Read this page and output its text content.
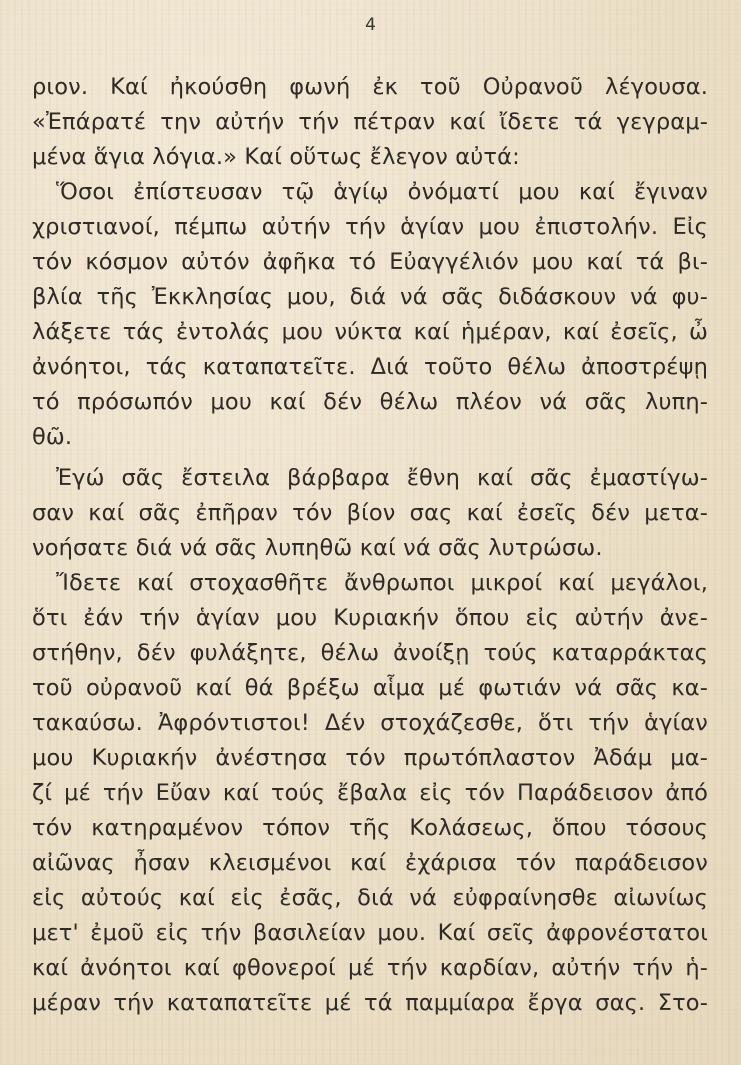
4
ριον. Καί ἠκούσθη φωνή ἐκ τοῦ Οὐρανοῦ λέγουσα.
«Ἐπάρατέ την αὐτήν τήν πέτραν καί ἴδετε τά γεγραμ-
μένα ἅγια λόγια.» Καί οὕτως ἔλεγον αὐτά:
Ὅσοι ἐπίστευσαν τῷ ἁγίῳ ὀνόματί μου καί ἔγιναν
χριστιανοί, πέμπω αὐτήν τήν ἁγίαν μου ἐπιστολήν. Εἰς
τόν κόσμον αὐτόν ἀφῆκα τό Εὐαγγέλιόν μου καί τά βι-
βλία τῆς Ἐκκλησίας μου, διά νά σᾶς διδάσκουν νά φυ-
λάξετε τάς ἐντολάς μου νύκτα καί ἡμέραν, καί ἐσεῖς, ὦ
ἀνόητοι, τάς καταπατεῖτε. Διά τοῦτο θέλω ἀποστρέψῃ
τό πρόσωπόν μου καί δέν θέλω πλέον νά σᾶς λυπη-
θῶ.
Ἐγώ σᾶς ἔστειλα βάρβαρα ἔθνη καί σᾶς ἐμαστίγω-
σαν καί σᾶς ἐπῆραν τόν βίον σας καί ἐσεῖς δέν μετα-
νοήσατε διά νά σᾶς λυπηθῶ καί νά σᾶς λυτρώσω.
Ἴδετε καί στοχασθῆτε ἄνθρωποι μικροί καί μεγάλοι,
ὅτι ἐάν τήν ἁγίαν μου Κυριακήν ὅπου εἰς αὐτήν ἀνε-
στήθην, δέν φυλάξητε, θέλω ἀνοίξῃ τούς καταρράκτας
τοῦ οὐρανοῦ καί θά βρέξω αἷμα μέ φωτιάν νά σᾶς κα-
τακαύσω. Ἀφρόντιστοι! Δέν στοχάζεσθε, ὅτι τήν ἁγίαν
μου Κυριακήν ἀνέστησα τόν πρωτόπλαστον Ἀδάμ μα-
ζί μέ τήν Εὔαν καί τούς ἔβαλα εἰς τόν Παράδεισον ἀπό
τόν κατηραμένον τόπον τῆς Κολάσεως, ὅπου τόσους
αἰῶνας ἦσαν κλεισμένοι καί ἐχάρισα τόν παράδεισον
εἰς αὐτούς καί εἰς ἐσᾶς, διά νά εὐφραίνησθε αἰωνίως
μετ' ἐμοῦ εἰς τήν βασιλείαν μου. Καί σεῖς ἀφρονέστατοι
καί ἀνόητοι καί φθονεροί μέ τήν καρδίαν, αὐτήν τήν ἡ-
μέραν τήν καταπατεῖτε μέ τά παμμίαρα ἔργα σας. Στο-
